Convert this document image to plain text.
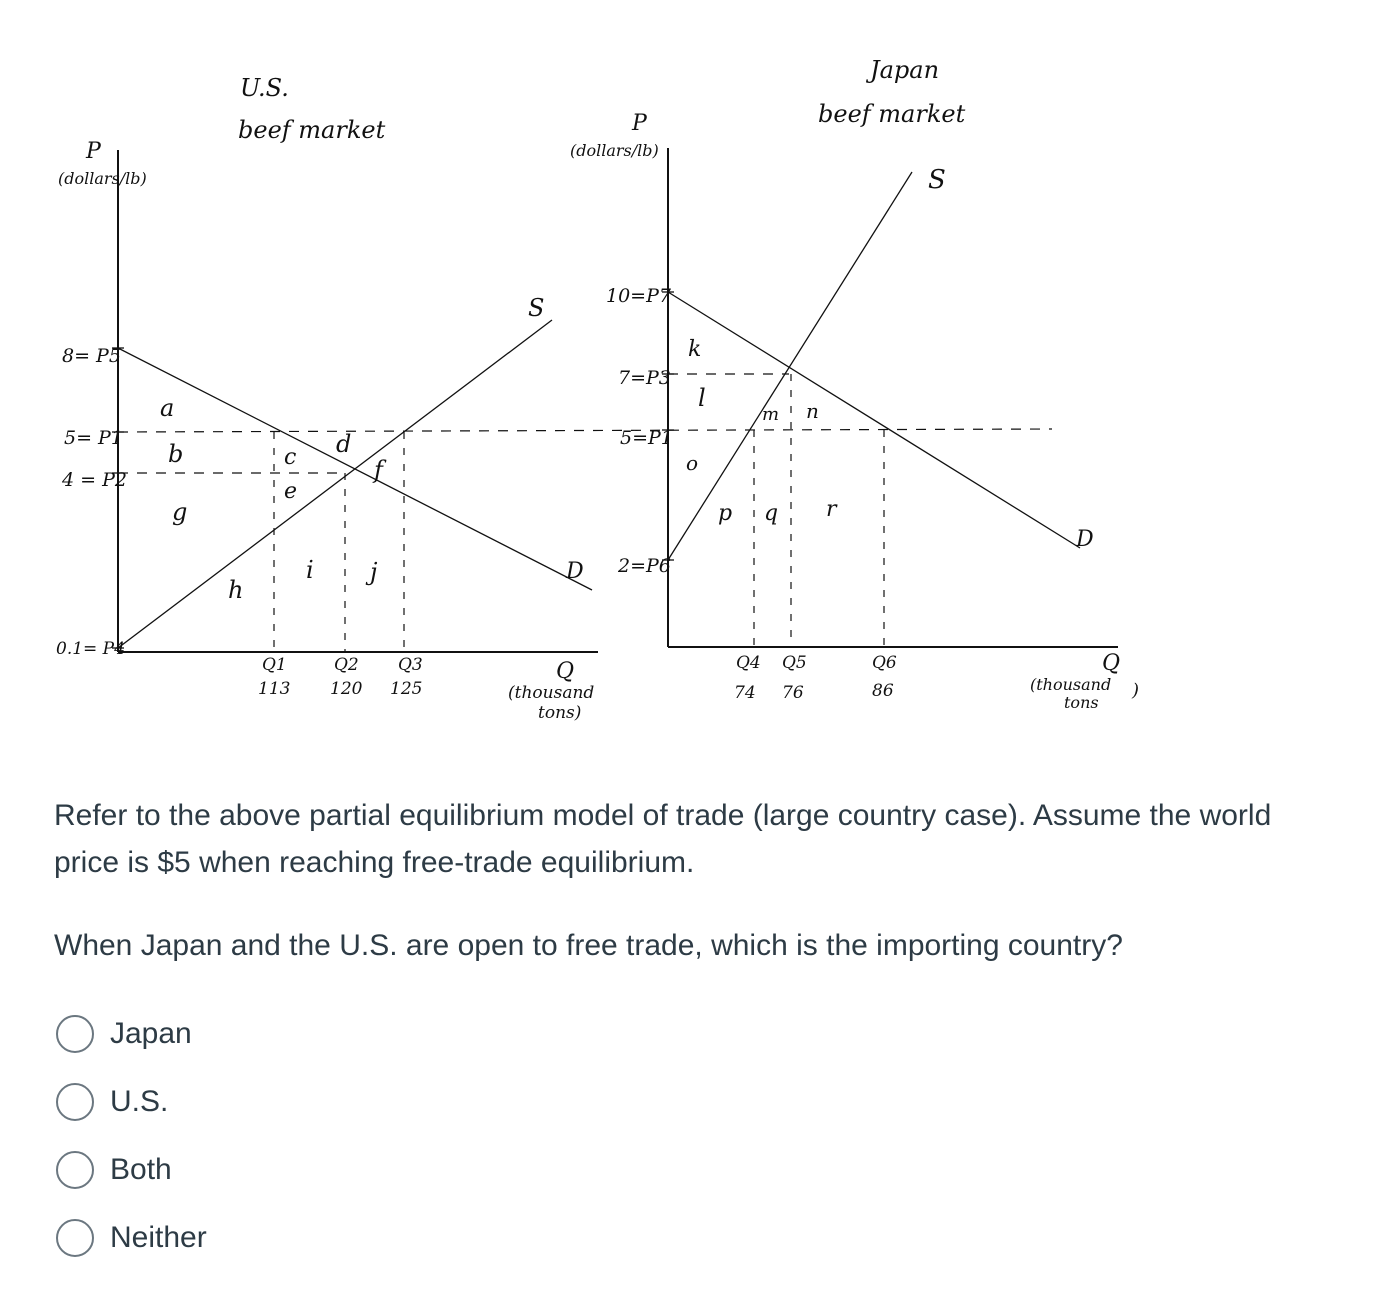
U.S.
beef market
P
(dollars/lb)
8= P5
5= P1
4 = P2
0.1= P4
S
D
Q1	Q2 Q3
113 120 125
Q
(thousand
tons)
a
b
g
c
e
d
f
h
i j
Japan
beef market
P
(dollars/lb)
10=P7
7=P3
5=P1
2=P6
S
D
Q4 Q5	Q6
74 76	86
Q
(thousand
tons
)
k
l
m n
o
p q r

Refer to the above partial equilibrium model of trade (large country case). Assume the world price is $5 when reaching free-trade equilibrium.

When Japan and the U.S. are open to free trade, which is the importing country?

Japan
U.S.
Both
Neither
